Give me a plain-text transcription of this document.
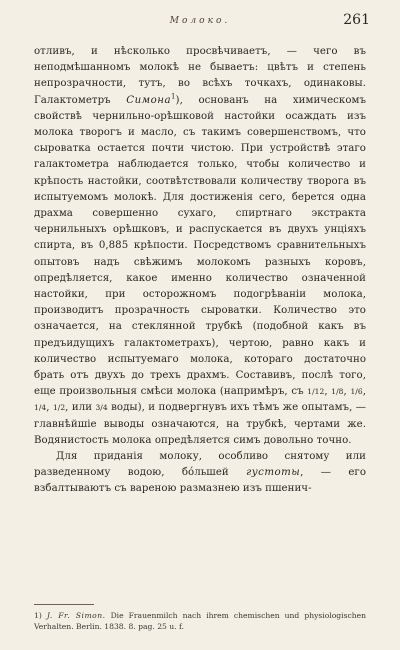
Молоко.	261

отливъ, и нѣсколько просвѣчиваетъ, — чего въ неподмѣшанномъ молокѣ не бываетъ: цвѣтъ и степень непрозрачности, тутъ, во всѣхъ точкахъ, одинаковы. Галактометръ Симона$^1$), основанъ на химическомъ свойствѣ чернильно-орѣшковой настойки осаждать изъ молока творогъ и масло, съ такимъ совершенствомъ, что сыровaтка остается почти чистою. При устройствѣ этаго галактометра наблюдается только, чтобы количество и крѣпость настойки, соотвѣтствовали количеству творога въ испытуемомъ молокѣ. Для достиженія сего, берется одна драхма совершенно сухаго, спиртнаго экстракта чернильныхъ орѣшковъ, и распускается въ двухъ унціяхъ спирта, въ 0,885 крѣпости. Посредствомъ сравнительныхъ опытовъ надъ свѣжимъ молокомъ разныхъ коровъ, опредѣляется, какое именно количество означенной настойки, при осторожномъ подогрѣваніи молока, производитъ прозрачность сыровaтки. Количество это означается, на стеклянной трубкѣ (подобной какъ въ предъидущихъ галактометрахъ), чертою, равно какъ и количество испытуемаго молока, котораго достаточно брать отъ двухъ до трехъ драхмъ. Составивъ, послѣ того, еще произвольныя смѣси молока (напримѣръ, съ 1/12, 1/8, 1/6, 1/4, 1/2, или 3/4 воды), и подвергнувъ ихъ тѣмъ же опытамъ, — главнѣйшіе выводы означаются, на трубкѣ, чертами же. Водянистость молока опредѣляется симъ довольно точно.

Для приданія молоку, особливо снятому или разведенному водою, бóльшей густоты, — его взбалтываютъ съ вареною размазнею изъ пшенич-

1) J. Fr. Simon. Die Frauenmilch nach ihrem chemischen und physiologischen Verhalten. Berlin. 1838. 8. pag. 25 u. f.
